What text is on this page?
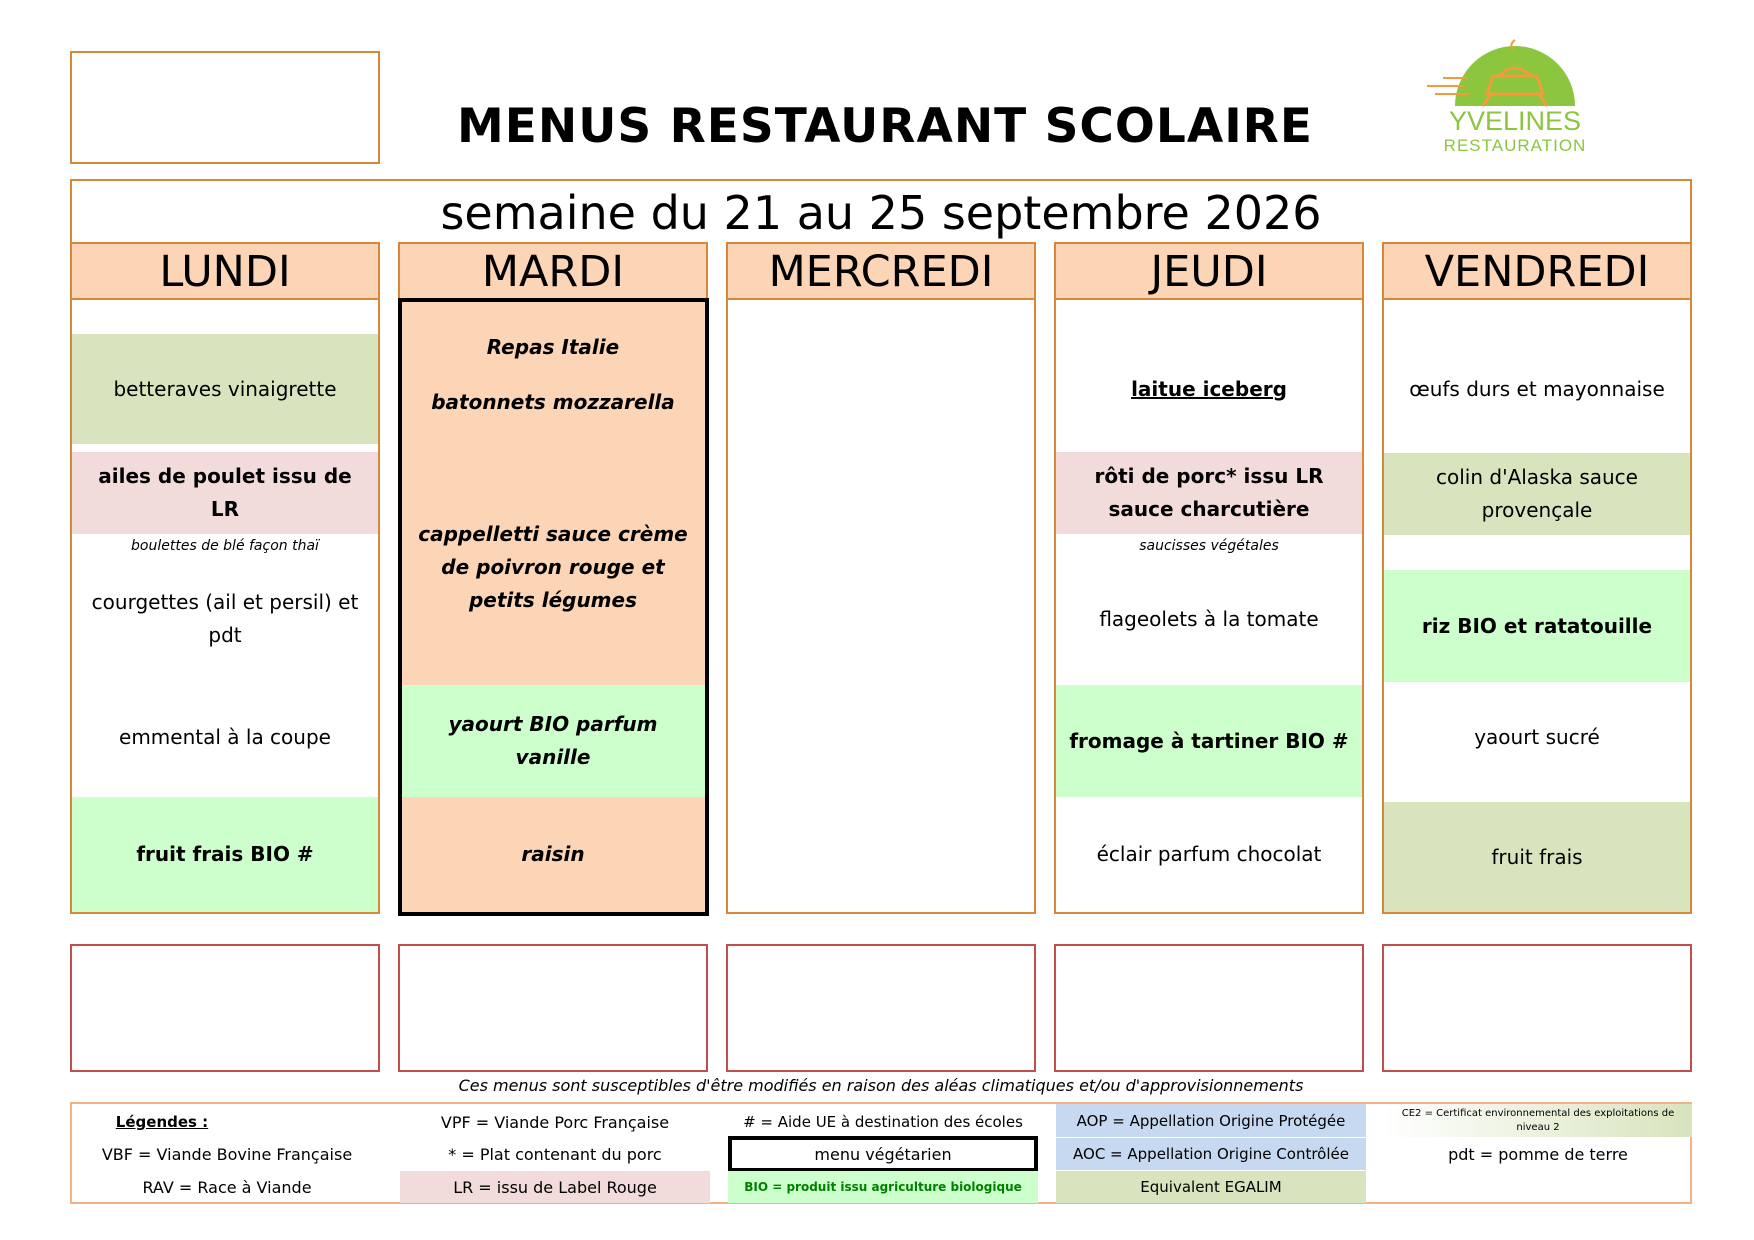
MENUS RESTAURANT SCOLAIRE	YVELINES
RESTAURATION
semaine du 21 au 25 septembre 2026
LUNDI
betteraves vinaigrette
ailes de poulet issu de LR
boulettes de blé façon thaï
courgettes (ail et persil) et pdt
emmental à la coupe
fruit frais BIO #
MARDI
Repas Italie
batonnets mozzarella
cappelletti sauce crème de poivron rouge et petits légumes
yaourt BIO parfum vanille
raisin
MERCREDI	JEUDI
laitue iceberg
rôti de porc* issu LR sauce charcutière
saucisses végétales
flageolets à la tomate
fromage à tartiner BIO #
éclair parfum chocolat
VENDREDI
œufs durs et mayonnaise
colin d'Alaska sauce provençale
riz BIO et ratatouille
yaourt sucré
fruit frais
Ces menus sont susceptibles d'être modifiés en raison des aléas climatiques et/ou d'approvisionnements
Légendes :	VPF = Viande Porc Française	# = Aide UE à destination des écoles	AOP = Appellation Origine Protégée	CE2 = Certificat environnemental des exploitations de niveau 2
VBF = Viande Bovine Française	* = Plat contenant du porc	menu végétarien	AOC = Appellation Origine Contrôlée	pdt = pomme de terre
RAV = Race à Viande	LR = issu de Label Rouge	BIO = produit issu agriculture biologique	Equivalent EGALIM
